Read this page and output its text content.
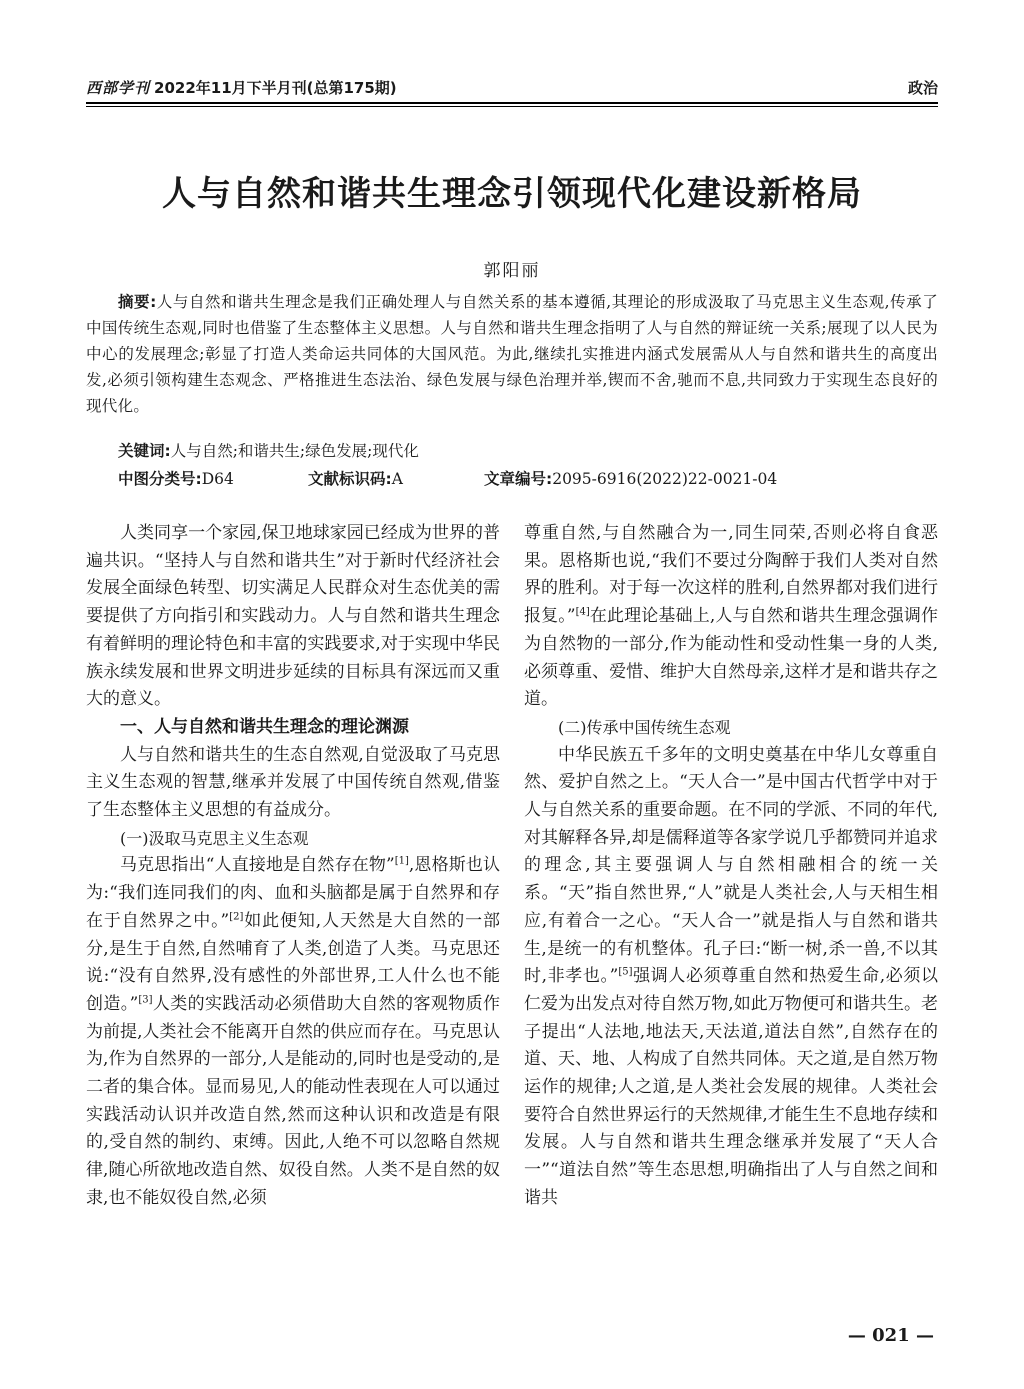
西部学刊 2022年11月下半月刊(总第175期)	政治
人与自然和谐共生理念引领现代化建设新格局
郭阳丽
摘要:人与自然和谐共生理念是我们正确处理人与自然关系的基本遵循,其理论的形成汲取了马克思主义生态观,传承了中国传统生态观,同时也借鉴了生态整体主义思想。人与自然和谐共生理念指明了人与自然的辩证统一关系;展现了以人民为中心的发展理念;彰显了打造人类命运共同体的大国风范。为此,继续扎实推进内涵式发展需从人与自然和谐共生的高度出发,必须引领构建生态观念、严格推进生态法治、绿色发展与绿色治理并举,锲而不舍,驰而不息,共同致力于实现生态良好的现代化。
关键词:人与自然;和谐共生;绿色发展;现代化
中图分类号:D64	文献标识码:A	文章编号:2095-6916(2022)22-0021-04

人类同享一个家园,保卫地球家园已经成为世界的普遍共识。“坚持人与自然和谐共生”对于新时代经济社会发展全面绿色转型、切实满足人民群众对生态优美的需要提供了方向指引和实践动力。人与自然和谐共生理念有着鲜明的理论特色和丰富的实践要求,对于实现中华民族永续发展和世界文明进步延续的目标具有深远而又重大的意义。

一、人与自然和谐共生理念的理论渊源

人与自然和谐共生的生态自然观,自觉汲取了马克思主义生态观的智慧,继承并发展了中国传统自然观,借鉴了生态整体主义思想的有益成分。

(一)汲取马克思主义生态观

马克思指出“人直接地是自然存在物”[1],恩格斯也认为:“我们连同我们的肉、血和头脑都是属于自然界和存在于自然界之中。”[2]如此便知,人天然是大自然的一部分,是生于自然,自然哺育了人类,创造了人类。马克思还说:“没有自然界,没有感性的外部世界,工人什么也不能创造。”[3]人类的实践活动必须借助大自然的客观物质作为前提,人类社会不能离开自然的供应而存在。马克思认为,作为自然界的一部分,人是能动的,同时也是受动的,是二者的集合体。显而易见,人的能动性表现在人可以通过实践活动认识并改造自然,然而这种认识和改造是有限的,受自然的制约、束缚。因此,人绝不可以忽略自然规律,随心所欲地改造自然、奴役自然。人类不是自然的奴隶,也不能奴役自然,必须

尊重自然,与自然融合为一,同生同荣,否则必将自食恶果。恩格斯也说,“我们不要过分陶醉于我们人类对自然界的胜利。对于每一次这样的胜利,自然界都对我们进行报复。”[4]在此理论基础上,人与自然和谐共生理念强调作为自然物的一部分,作为能动性和受动性集一身的人类,必须尊重、爱惜、维护大自然母亲,这样才是和谐共存之道。

(二)传承中国传统生态观

中华民族五千多年的文明史奠基在中华儿女尊重自然、爱护自然之上。“天人合一”是中国古代哲学中对于人与自然关系的重要命题。在不同的学派、不同的年代,对其解释各异,却是儒释道等各家学说几乎都赞同并追求的理念,其主要强调人与自然相融相合的统一关系。“天”指自然世界,“人”就是人类社会,人与天相生相应,有着合一之心。“天人合一”就是指人与自然和谐共生,是统一的有机整体。孔子曰:“断一树,杀一兽,不以其时,非孝也。”[5]强调人必须尊重自然和热爱生命,必须以仁爱为出发点对待自然万物,如此万物便可和谐共生。老子提出“人法地,地法天,天法道,道法自然”,自然存在的道、天、地、人构成了自然共同体。天之道,是自然万物运作的规律;人之道,是人类社会发展的规律。人类社会要符合自然世界运行的天然规律,才能生生不息地存续和发展。人与自然和谐共生理念继承并发展了“天人合一”“道法自然”等生态思想,明确指出了人与自然之间和谐共

— 021 —
